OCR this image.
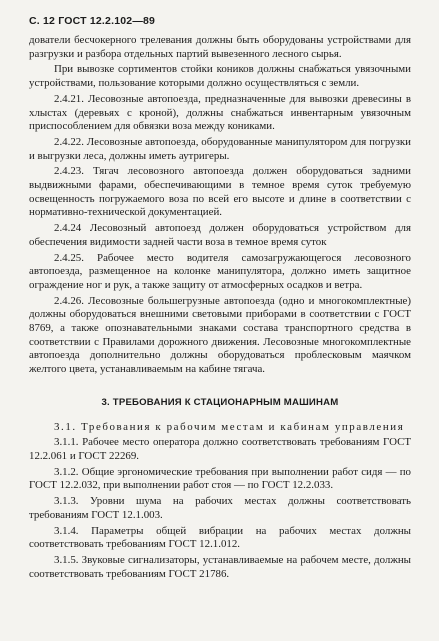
С. 12 ГОСТ 12.2.102—89

дователи бесчокерного трелевания должны быть оборудованы устройствами для разгрузки и разбора отдельных партий вывезенного лесного сырья.

При вывозке сортиментов стойки коников должны снабжаться увязочными устройствами, пользование которыми должно осуществляться с земли.

2.4.21. Лесовозные автопоезда, предназначенные для вывозки древесины в хлыстах (деревьях с кроной), должны снабжаться инвентарным увязочным приспособлением для обвязки воза между кониками.

2.4.22. Лесовозные автопоезда, оборудованные манипулятором для погрузки и выгрузки леса, должны иметь аутригеры.

2.4.23. Тягач лесовозного автопоезда должен оборудоваться задними выдвижными фарами, обеспечивающими в темное время суток требуемую освещенность погружаемого воза по всей его высоте и длине в соответствии с нормативно-технической документацией.

2.4.24 Лесовозный автопоезд должен оборудоваться устройством для обеспечения видимости задней части воза в темное время суток

2.4.25. Рабочее место водителя самозагружающегося лесовозного автопоезда, размещенное на колонке манипулятора, должно иметь защитное ограждение ног и рук, а также защиту от атмосферных осадков и ветра.

2.4.26. Лесовозные большегрузные автопоезда (одно и многокомплектные) должны оборудоваться внешними световыми приборами в соответствии с ГОСТ 8769, а также опознавательными знаками состава транспортного средства в соответствии с Правилами дорожного движения. Лесовозные многокомплектные автопоезда дополнительно должны оборудоваться проблесковым маячком желтого цвета, устанавливаемым на кабине тягача.

3. ТРЕБОВАНИЯ К СТАЦИОНАРНЫМ МАШИНАМ

3.1. Требования к рабочим местам и кабинам управления

3.1.1. Рабочее место оператора должно соответствовать требованиям ГОСТ 12.2.061 и ГОСТ 22269.

3.1.2. Общие эргономические требования при выполнении работ сидя — по ГОСТ 12.2.032, при выполнении работ стоя — по ГОСТ 12.2.033.

3.1.3. Уровни шума на рабочих местах должны соответствовать требованиям ГОСТ 12.1.003.

3.1.4. Параметры общей вибрации на рабочих местах должны соответствовать требованиям ГОСТ 12.1.012.

3.1.5. Звуковые сигнализаторы, устанавливаемые на рабочем месте, должны соответствовать требованиям ГОСТ 21786.
